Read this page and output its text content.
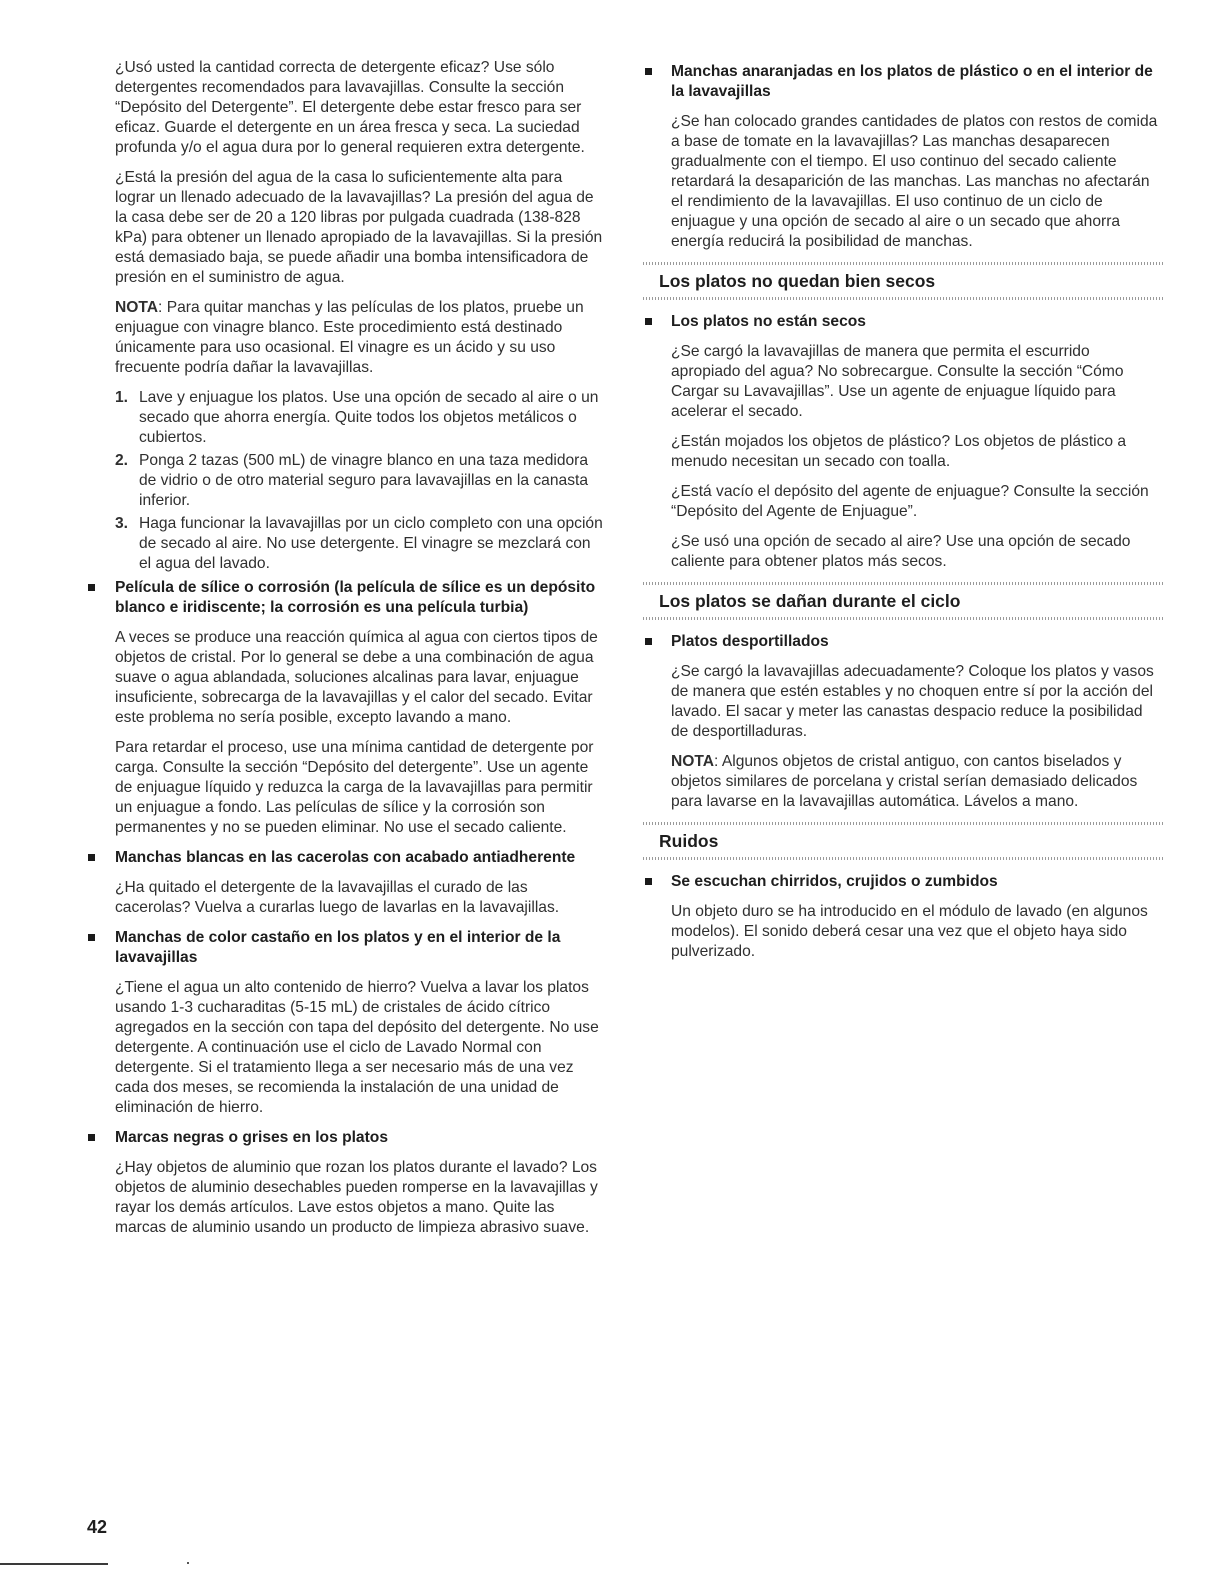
¿Usó usted la cantidad correcta de detergente eficaz? Use sólo detergentes recomendados para lavavajillas. Consulte la sección “Depósito del Detergente”. El detergente debe estar fresco para ser eficaz. Guarde el detergente en un área fresca y seca. La suciedad profunda y/o el agua dura por lo general requieren extra detergente.

¿Está la presión del agua de la casa lo suficientemente alta para lograr un llenado adecuado de la lavavajillas? La presión del agua de la casa debe ser de 20 a 120 libras por pulgada cuadrada (138-828 kPa) para obtener un llenado apropiado de la lavavajillas. Si la presión está demasiado baja, se puede añadir una bomba intensificadora de presión en el suministro de agua.

NOTA: Para quitar manchas y las películas de los platos, pruebe un enjuague con vinagre blanco. Este procedimiento está destinado únicamente para uso ocasional. El vinagre es un ácido y su uso frecuente podría dañar la lavavajillas.

1. Lave y enjuague los platos. Use una opción de secado al aire o un secado que ahorra energía. Quite todos los objetos metálicos o cubiertos.
2. Ponga 2 tazas (500 mL) de vinagre blanco en una taza medidora de vidrio o de otro material seguro para lavavajillas en la canasta inferior.
3. Haga funcionar la lavavajillas por un ciclo completo con una opción de secado al aire. No use detergente. El vinagre se mezclará con el agua del lavado.
Película de sílice o corrosión (la película de sílice es un depósito blanco e iridiscente; la corrosión es una película turbia)

A veces se produce una reacción química al agua con ciertos tipos de objetos de cristal. Por lo general se debe a una combinación de agua suave o agua ablandada, soluciones alcalinas para lavar, enjuague insuficiente, sobrecarga de la lavavajillas y el calor del secado. Evitar este problema no sería posible, excepto lavando a mano.

Para retardar el proceso, use una mínima cantidad de detergente por carga. Consulte la sección “Depósito del detergente”. Use un agente de enjuague líquido y reduzca la carga de la lavavajillas para permitir un enjuague a fondo. Las películas de sílice y la corrosión son permanentes y no se pueden eliminar. No use el secado caliente.

Manchas blancas en las cacerolas con acabado antiadherente

¿Ha quitado el detergente de la lavavajillas el curado de las cacerolas? Vuelva a curarlas luego de lavarlas en la lavavajillas.

Manchas de color castaño en los platos y en el interior de la lavavajillas

¿Tiene el agua un alto contenido de hierro? Vuelva a lavar los platos usando 1-3 cucharaditas (5-15 mL) de cristales de ácido cítrico agregados en la sección con tapa del depósito del detergente. No use detergente. A continuación use el ciclo de Lavado Normal con detergente. Si el tratamiento llega a ser necesario más de una vez cada dos meses, se recomienda la instalación de una unidad de eliminación de hierro.

Marcas negras o grises en los platos

¿Hay objetos de aluminio que rozan los platos durante el lavado? Los objetos de aluminio desechables pueden romperse en la lavavajillas y rayar los demás artículos. Lave estos objetos a mano. Quite las marcas de aluminio usando un producto de limpieza abrasivo suave.

Manchas anaranjadas en los platos de plástico o en el interior de la lavavajillas

¿Se han colocado grandes cantidades de platos con restos de comida a base de tomate en la lavavajillas? Las manchas desaparecen gradualmente con el tiempo. El uso continuo del secado caliente retardará la desaparición de las manchas. Las manchas no afectarán el rendimiento de la lavavajillas. El uso continuo de un ciclo de enjuague y una opción de secado al aire o un secado que ahorra energía reducirá la posibilidad de manchas.

Los platos no quedan bien secos
Los platos no están secos

¿Se cargó la lavavajillas de manera que permita el escurrido apropiado del agua? No sobrecargue. Consulte la sección “Cómo Cargar su Lavavajillas”. Use un agente de enjuague líquido para acelerar el secado.

¿Están mojados los objetos de plástico? Los objetos de plástico a menudo necesitan un secado con toalla.

¿Está vacío el depósito del agente de enjuague? Consulte la sección “Depósito del Agente de Enjuague”.

¿Se usó una opción de secado al aire? Use una opción de secado caliente para obtener platos más secos.

Los platos se dañan durante el ciclo
Platos desportillados

¿Se cargó la lavavajillas adecuadamente? Coloque los platos y vasos de manera que estén estables y no choquen entre sí por la acción del lavado. El sacar y meter las canastas despacio reduce la posibilidad de desportilladuras.

NOTA: Algunos objetos de cristal antiguo, con cantos biselados y objetos similares de porcelana y cristal serían demasiado delicados para lavarse en la lavavajillas automática. Lávelos a mano.

Ruidos
Se escuchan chirridos, crujidos o zumbidos

Un objeto duro se ha introducido en el módulo de lavado (en algunos modelos). El sonido deberá cesar una vez que el objeto haya sido pulverizado.

42
